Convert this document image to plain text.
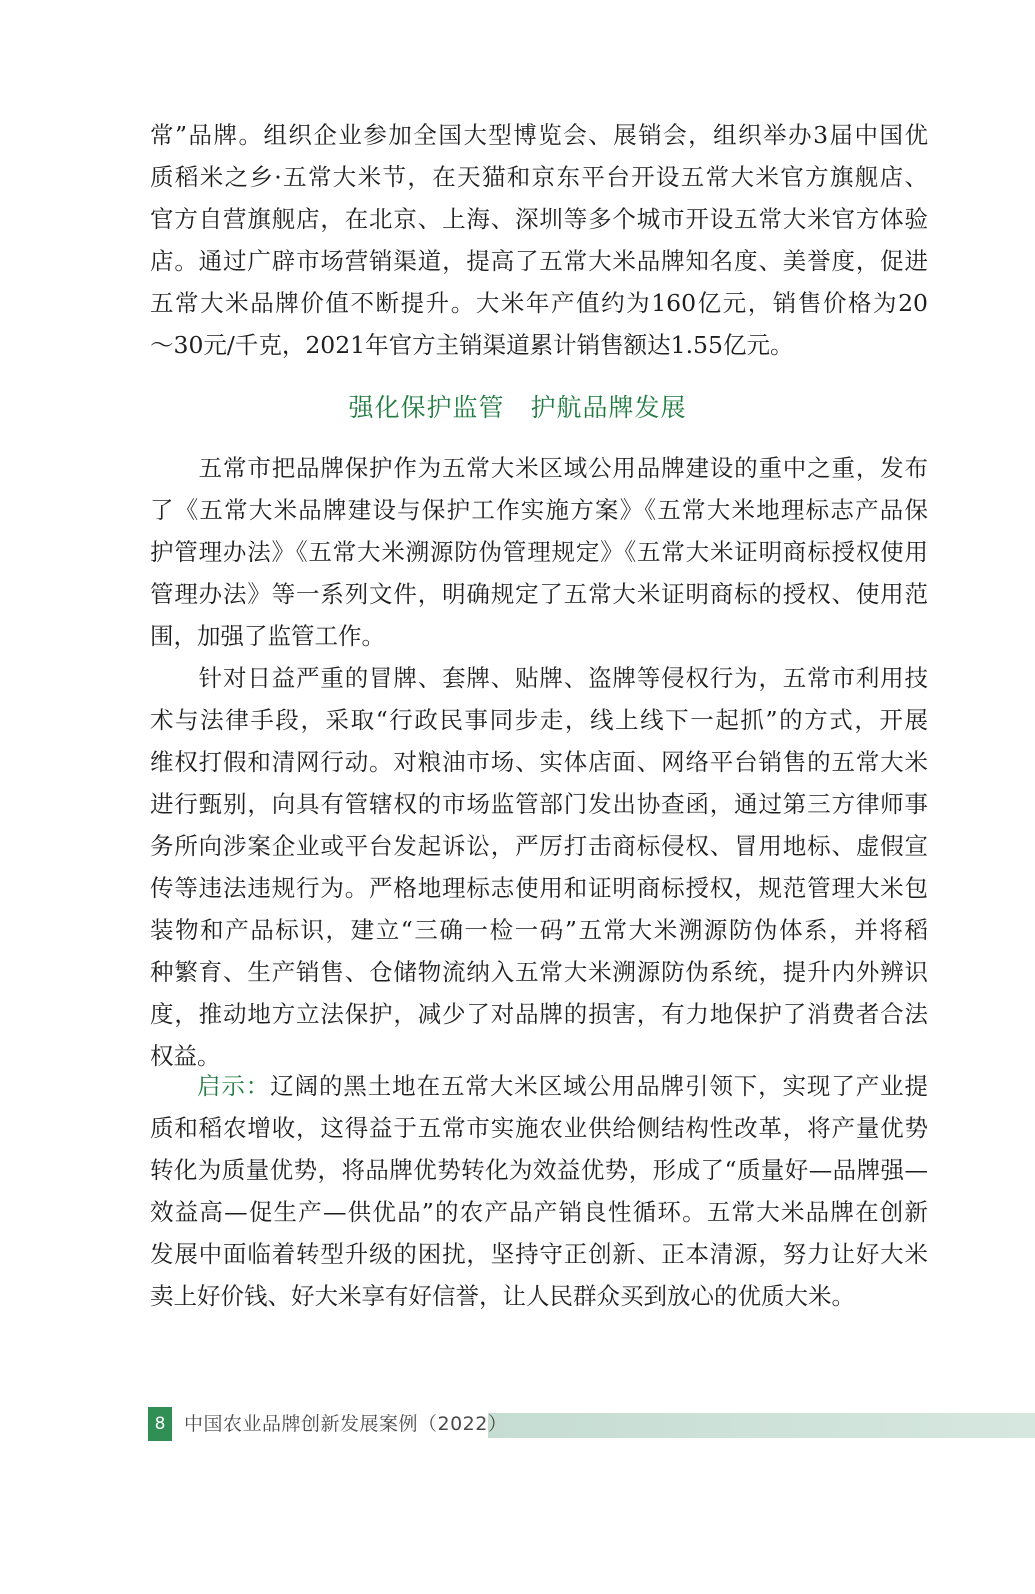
常”品牌。组织企业参加全国大型博览会、展销会，组织举办3届中国优
质稻米之乡·五常大米节，在天猫和京东平台开设五常大米官方旗舰店、
官方自营旗舰店，在北京、上海、深圳等多个城市开设五常大米官方体验
店。通过广辟市场营销渠道，提高了五常大米品牌知名度、美誉度，促进
五常大米品牌价值不断提升。大米年产值约为160亿元，销售价格为20
～30元/千克，2021年官方主销渠道累计销售额达1.55亿元。
强化保护监管　护航品牌发展
　　五常市把品牌保护作为五常大米区域公用品牌建设的重中之重，发布
了《五常大米品牌建设与保护工作实施方案》《五常大米地理标志产品保
护管理办法》《五常大米溯源防伪管理规定》《五常大米证明商标授权使用
管理办法》等一系列文件，明确规定了五常大米证明商标的授权、使用范
围，加强了监管工作。
　　针对日益严重的冒牌、套牌、贴牌、盗牌等侵权行为，五常市利用技
术与法律手段，采取“行政民事同步走，线上线下一起抓”的方式，开展
维权打假和清网行动。对粮油市场、实体店面、网络平台销售的五常大米
进行甄别，向具有管辖权的市场监管部门发出协查函，通过第三方律师事
务所向涉案企业或平台发起诉讼，严厉打击商标侵权、冒用地标、虚假宣
传等违法违规行为。严格地理标志使用和证明商标授权，规范管理大米包
装物和产品标识，建立“三确一检一码”五常大米溯源防伪体系，并将稻
种繁育、生产销售、仓储物流纳入五常大米溯源防伪系统，提升内外辨识
度，推动地方立法保护，减少了对品牌的损害，有力地保护了消费者合法
权益。
启示：辽阔的黑土地在五常大米区域公用品牌引领下，实现了产业提
质和稻农增收，这得益于五常市实施农业供给侧结构性改革，将产量优势
转化为质量优势，将品牌优势转化为效益优势，形成了“质量好—品牌强—
效益高—促生产—供优品”的农产品产销良性循环。五常大米品牌在创新
发展中面临着转型升级的困扰，坚持守正创新、正本清源，努力让好大米
卖上好价钱、好大米享有好信誉，让人民群众买到放心的优质大米。
8 中国农业品牌创新发展案例（2022）
